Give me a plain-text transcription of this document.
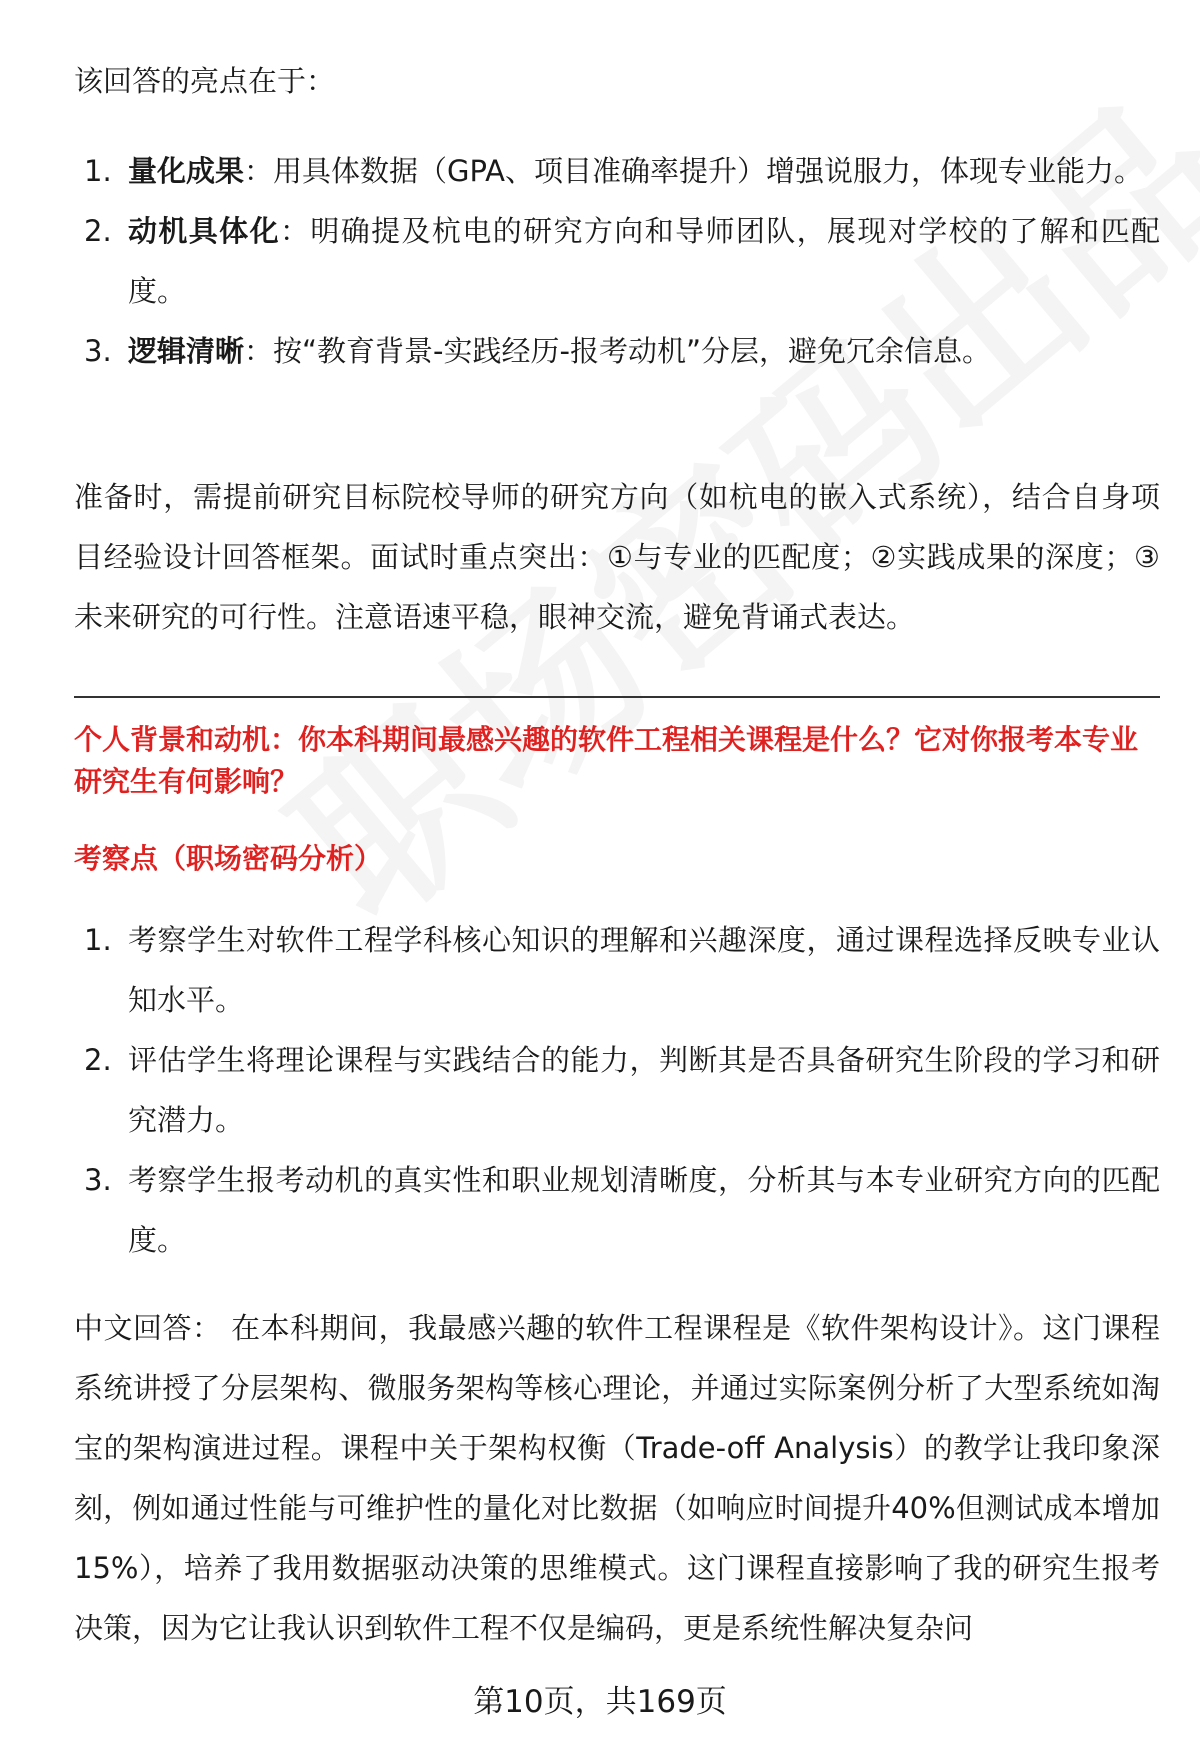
该回答的亮点在于：

1. 量化成果：用具体数据（GPA、项目准确率提升）增强说服力，体现专业能力。
2. 动机具体化：明确提及杭电的研究方向和导师团队，展现对学校的了解和匹配度。
3. 逻辑清晰：按“教育背景-实践经历-报考动机”分层，避免冗余信息。

准备时，需提前研究目标院校导师的研究方向（如杭电的嵌入式系统），结合自身项目经验设计回答框架。面试时重点突出：①与专业的匹配度；②实践成果的深度；③未来研究的可行性。注意语速平稳，眼神交流，避免背诵式表达。

个人背景和动机：你本科期间最感兴趣的软件工程相关课程是什么？它对你报考本专业研究生有何影响？

考察点（职场密码分析）

1. 考察学生对软件工程学科核心知识的理解和兴趣深度，通过课程选择反映专业认知水平。
2. 评估学生将理论课程与实践结合的能力，判断其是否具备研究生阶段的学习和研究潜力。
3. 考察学生报考动机的真实性和职业规划清晰度，分析其与本专业研究方向的匹配度。

中文回答： 在本科期间，我最感兴趣的软件工程课程是《软件架构设计》。这门课程系统讲授了分层架构、微服务架构等核心理论，并通过实际案例分析了大型系统如淘宝的架构演进过程。课程中关于架构权衡（Trade-off Analysis）的教学让我印象深刻，例如通过性能与可维护性的量化对比数据（如响应时间提升40%但测试成本增加15%），培养了我用数据驱动决策的思维模式。这门课程直接影响了我的研究生报考决策，因为它让我认识到软件工程不仅是编码，更是系统性解决复杂问

第10页，共169页
